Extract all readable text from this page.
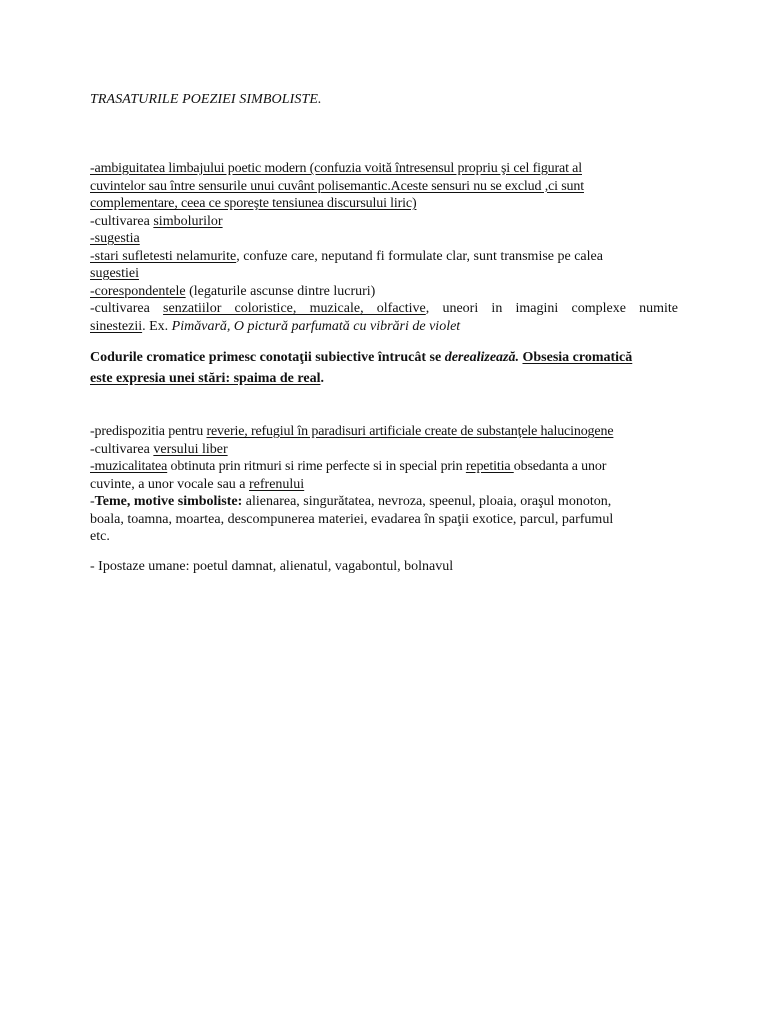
TRASATURILE POEZIEI SIMBOLISTE.
-ambiguitatea limbajului poetic modern (confuzia voită întresensul propriu şi cel figurat al
cuvintelor sau între sensurile unui cuvânt polisemantic.Aceste sensuri nu se exclud ,ci sunt
complementare, ceea ce sporeşte tensiunea discursului liric)
-cultivarea simbolurilor
-sugestia
-stari sufletesti nelamurite, confuze care, neputand fi formulate clar, sunt transmise pe calea
sugestiei
-corespondentele (legaturile ascunse dintre lucruri)
-cultivarea senzatiilor coloristice, muzicale, olfactive, uneori in imagini complexe numite
sinestezii. Ex. Pimăvară, O pictură parfumată cu vibrări de violet
Codurile cromatice primesc conotaţii subiective întrucât se derealizează. Obsesia cromatică
este expresia unei stări: spaima de real.
-predispozitia pentru reverie, refugiul în paradisuri artificiale create de substanţele halucinogene
-cultivarea versului liber
-muzicalitatea obtinuta prin ritmuri si rime perfecte si in special prin repetitia obsedanta a unor
cuvinte, a unor vocale sau a refrenului
-Teme, motive simboliste: alienarea, singurătatea, nevroza, speenul, ploaia, oraşul monoton,
boala, toamna, moartea, descompunerea materiei, evadarea în spaţii exotice, parcul, parfumul
etc.
- Ipostaze umane: poetul damnat, alienatul, vagabontul, bolnavul
